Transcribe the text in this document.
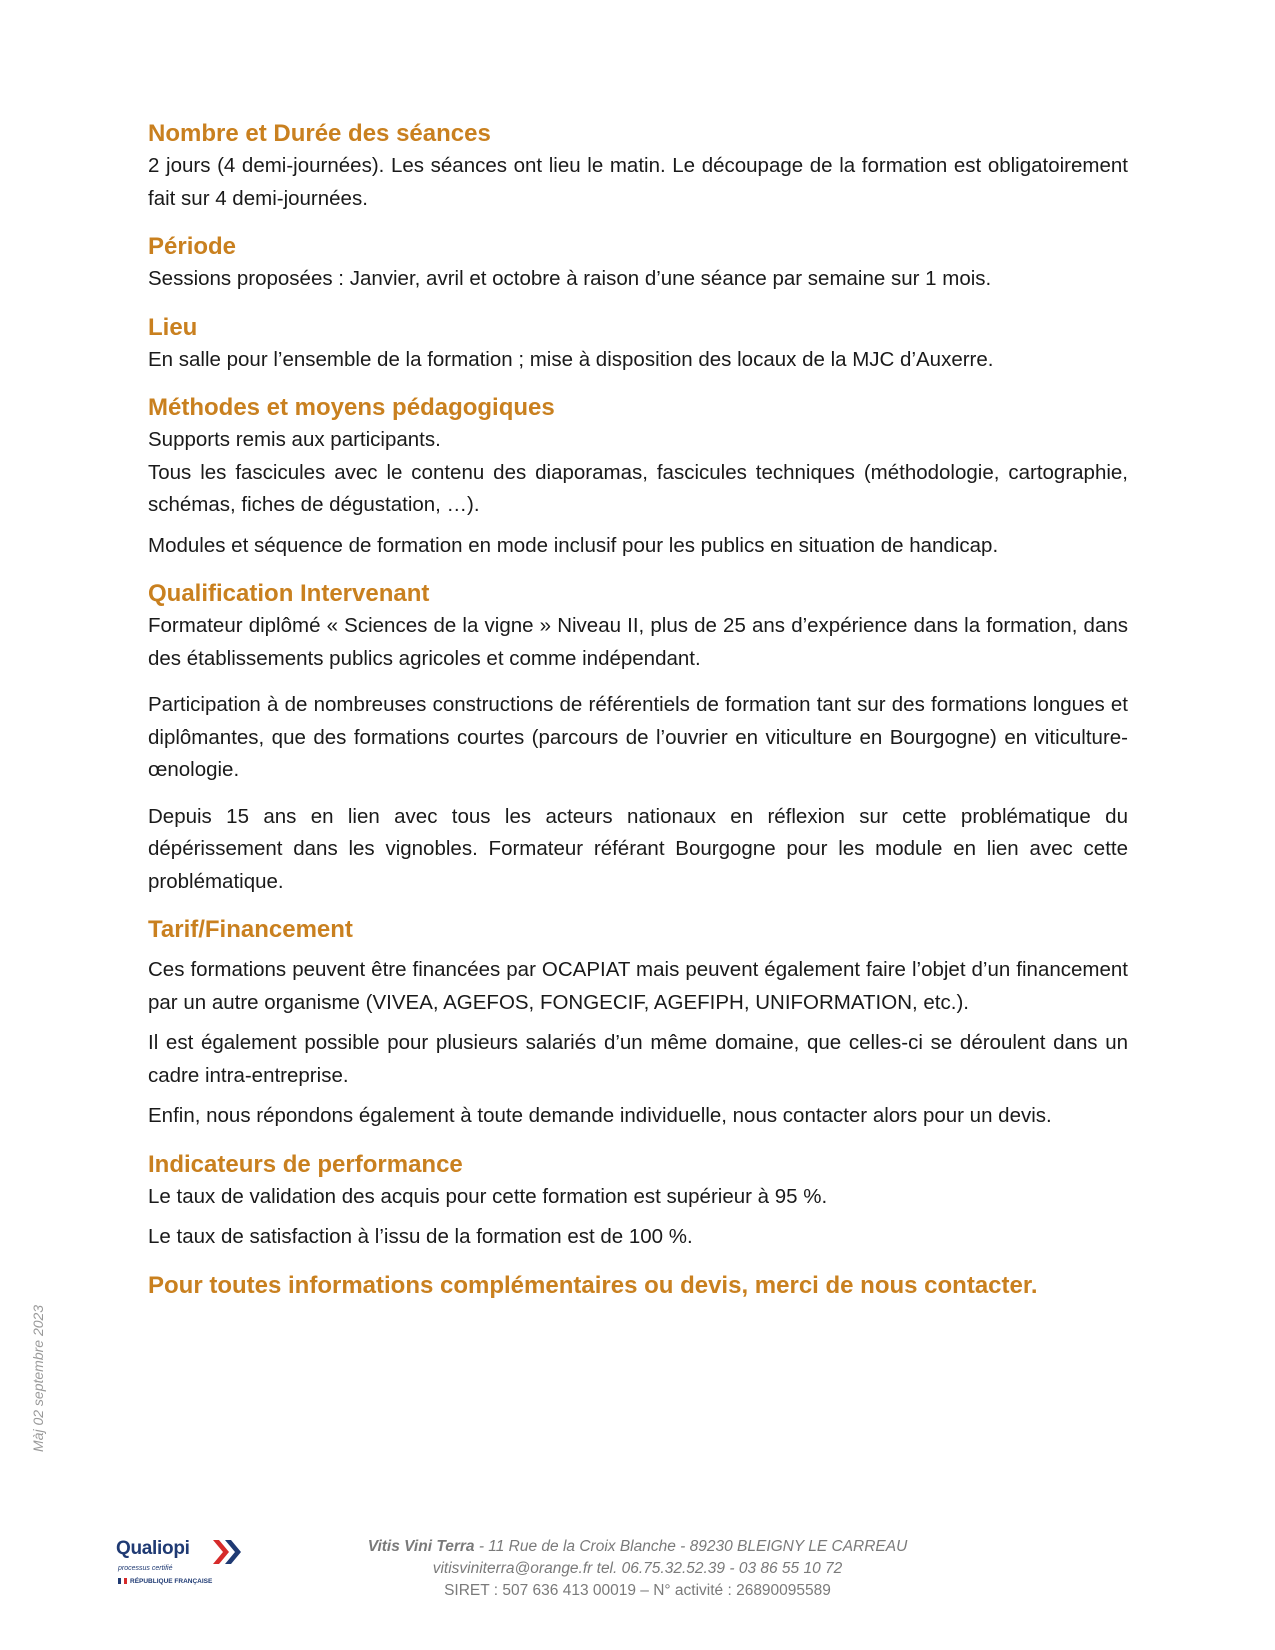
Nombre et Durée des séances

2 jours (4 demi-journées). Les séances ont lieu le matin. Le découpage de la formation est obligatoirement fait sur 4 demi-journées.

Période

Sessions proposées : Janvier, avril et octobre à raison d’une séance par semaine sur 1 mois.

Lieu

En salle pour l’ensemble de la formation ; mise à disposition des locaux de la MJC d’Auxerre.

Méthodes et moyens pédagogiques

Supports remis aux participants.

Tous les fascicules avec le contenu des diaporamas, fascicules techniques (méthodologie, cartographie, schémas, fiches de dégustation, …).

Modules et séquence de formation en mode inclusif pour les publics en situation de handicap.

Qualification Intervenant

Formateur diplômé « Sciences de la vigne » Niveau II, plus de 25 ans d’expérience dans la formation, dans des établissements publics agricoles et comme indépendant.

Participation à de nombreuses constructions de référentiels de formation tant sur des formations longues et diplômantes, que des formations courtes (parcours de l’ouvrier en viticulture en Bourgogne) en viticulture-œnologie.

Depuis 15 ans en lien avec tous les acteurs nationaux en réflexion sur cette problématique du dépérissement dans les vignobles. Formateur référant Bourgogne pour les module en lien avec cette problématique.

Tarif/Financement

Ces formations peuvent être financées par OCAPIAT mais peuvent également faire l’objet d’un financement par un autre organisme (VIVEA, AGEFOS, FONGECIF, AGEFIPH, UNIFORMATION, etc.).

Il est également possible pour plusieurs salariés d’un même domaine, que celles-ci se déroulent dans un cadre intra-entreprise.

Enfin, nous répondons également à toute demande individuelle, nous contacter alors pour un devis.

Indicateurs de performance

Le taux de validation des acquis pour cette formation est supérieur à 95 %.

Le taux de satisfaction à l’issu de la formation est de 100 %.

Pour toutes informations complémentaires ou devis, merci de nous contacter.
Màj 02 septembre 2023
Qualiopi
processus certifié
RÉPUBLIQUE FRANÇAISE
Vitis Vini Terra - 11 Rue de la Croix Blanche - 89230 BLEIGNY LE CARREAU
vitisviniterra@orange.fr tel. 06.75.32.52.39 - 03 86 55 10 72
SIRET : 507 636 413 00019 – N° activité : 26890095589
